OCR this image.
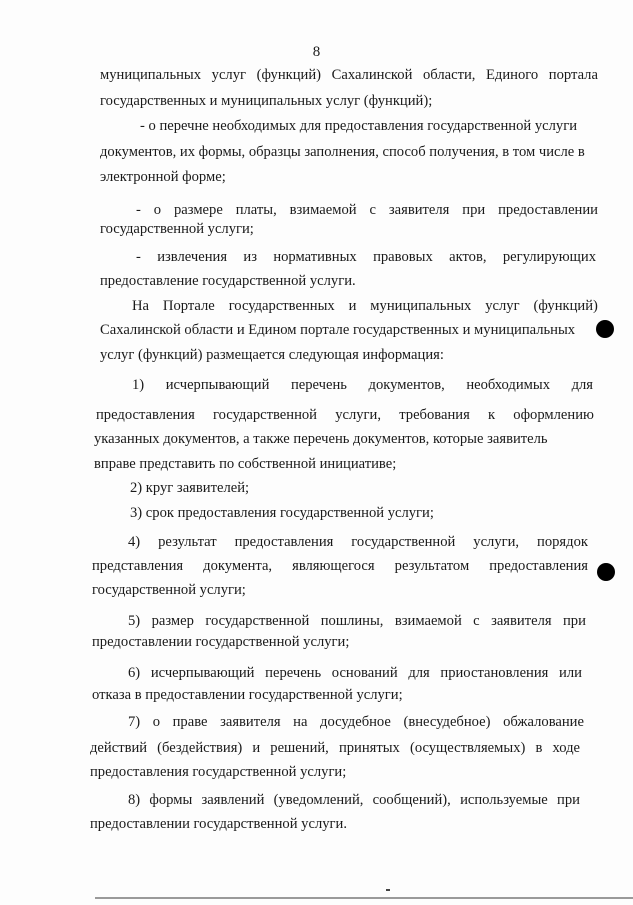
8
муниципальных услуг (функций) Сахалинской области, Единого портала
государственных и муниципальных услуг (функций);
- о перечне необходимых для предоставления государственной услуги
документов, их формы, образцы заполнения, способ получения, в том числе в
электронной форме;
- о размере платы, взимаемой с заявителя при предоставлении
государственной услуги;
- извлечения из нормативных правовых актов, регулирующих
предоставление государственной услуги.
На Портале государственных и муниципальных услуг (функций)
Сахалинской области и Едином портале государственных и муниципальных
услуг (функций) размещается следующая информация:
1) исчерпывающий перечень документов, необходимых для
предоставления государственной услуги, требования к оформлению
указанных документов, а также перечень документов, которые заявитель
вправе представить по собственной инициативе;
2) круг заявителей;
3) срок предоставления государственной услуги;
4) результат предоставления государственной услуги, порядок
представления документа, являющегося результатом предоставления
государственной услуги;
5) размер государственной пошлины, взимаемой с заявителя при
предоставлении государственной услуги;
6) исчерпывающий перечень оснований для приостановления или
отказа в предоставлении государственной услуги;
7) о праве заявителя на досудебное (внесудебное) обжалование
действий (бездействия) и решений, принятых (осуществляемых) в ходе
предоставления государственной услуги;
8) формы заявлений (уведомлений, сообщений), используемые при
предоставлении государственной услуги.
